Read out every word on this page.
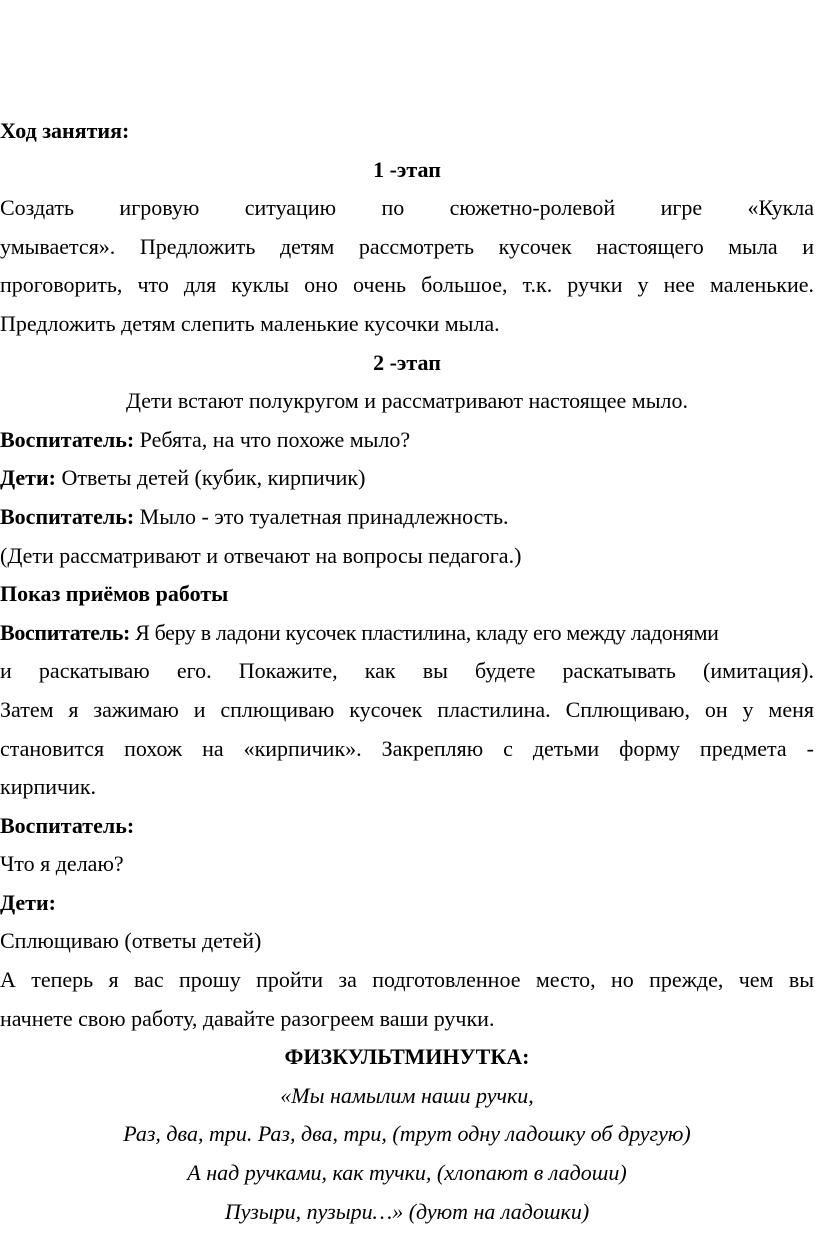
Ход занятия:
1 -этап
Создать игровую ситуацию по сюжетно-ролевой игре «Кукла
умывается». Предложить детям рассмотреть кусочек настоящего мыла и
проговорить, что для куклы оно очень большое, т.к. ручки у нее маленькие.
Предложить детям слепить маленькие кусочки мыла.
2 -этап
Дети встают полукругом и рассматривают настоящее мыло.
Воспитатель: Ребята, на что похоже мыло?
Дети: Ответы детей (кубик, кирпичик)
Воспитатель: Мыло - это туалетная принадлежность.
(Дети рассматривают и отвечают на вопросы педагога.)
Показ приёмов работы
Воспитатель: Я беру в ладони кусочек пластилина, кладу его между ладонями
и раскатываю его. Покажите, как вы будете раскатывать (имитация).
Затем я зажимаю и сплющиваю кусочек пластилина. Сплющиваю, он у меня
становится похож на «кирпичик». Закрепляю с детьми форму предмета -
кирпичик.
Воспитатель:
Что я делаю?
Дети:
Сплющиваю (ответы детей)
А теперь я вас прошу пройти за подготовленное место, но прежде, чем вы
начнете свою работу, давайте разогреем ваши ручки.
ФИЗКУЛЬТМИНУТКА:
«Мы намылим наши ручки,
Раз, два, три. Раз, два, три, (трут одну ладошку об другую)
А над ручками, как тучки, (хлопают в ладоши)
Пузыри, пузыри…» (дуют на ладошки)
